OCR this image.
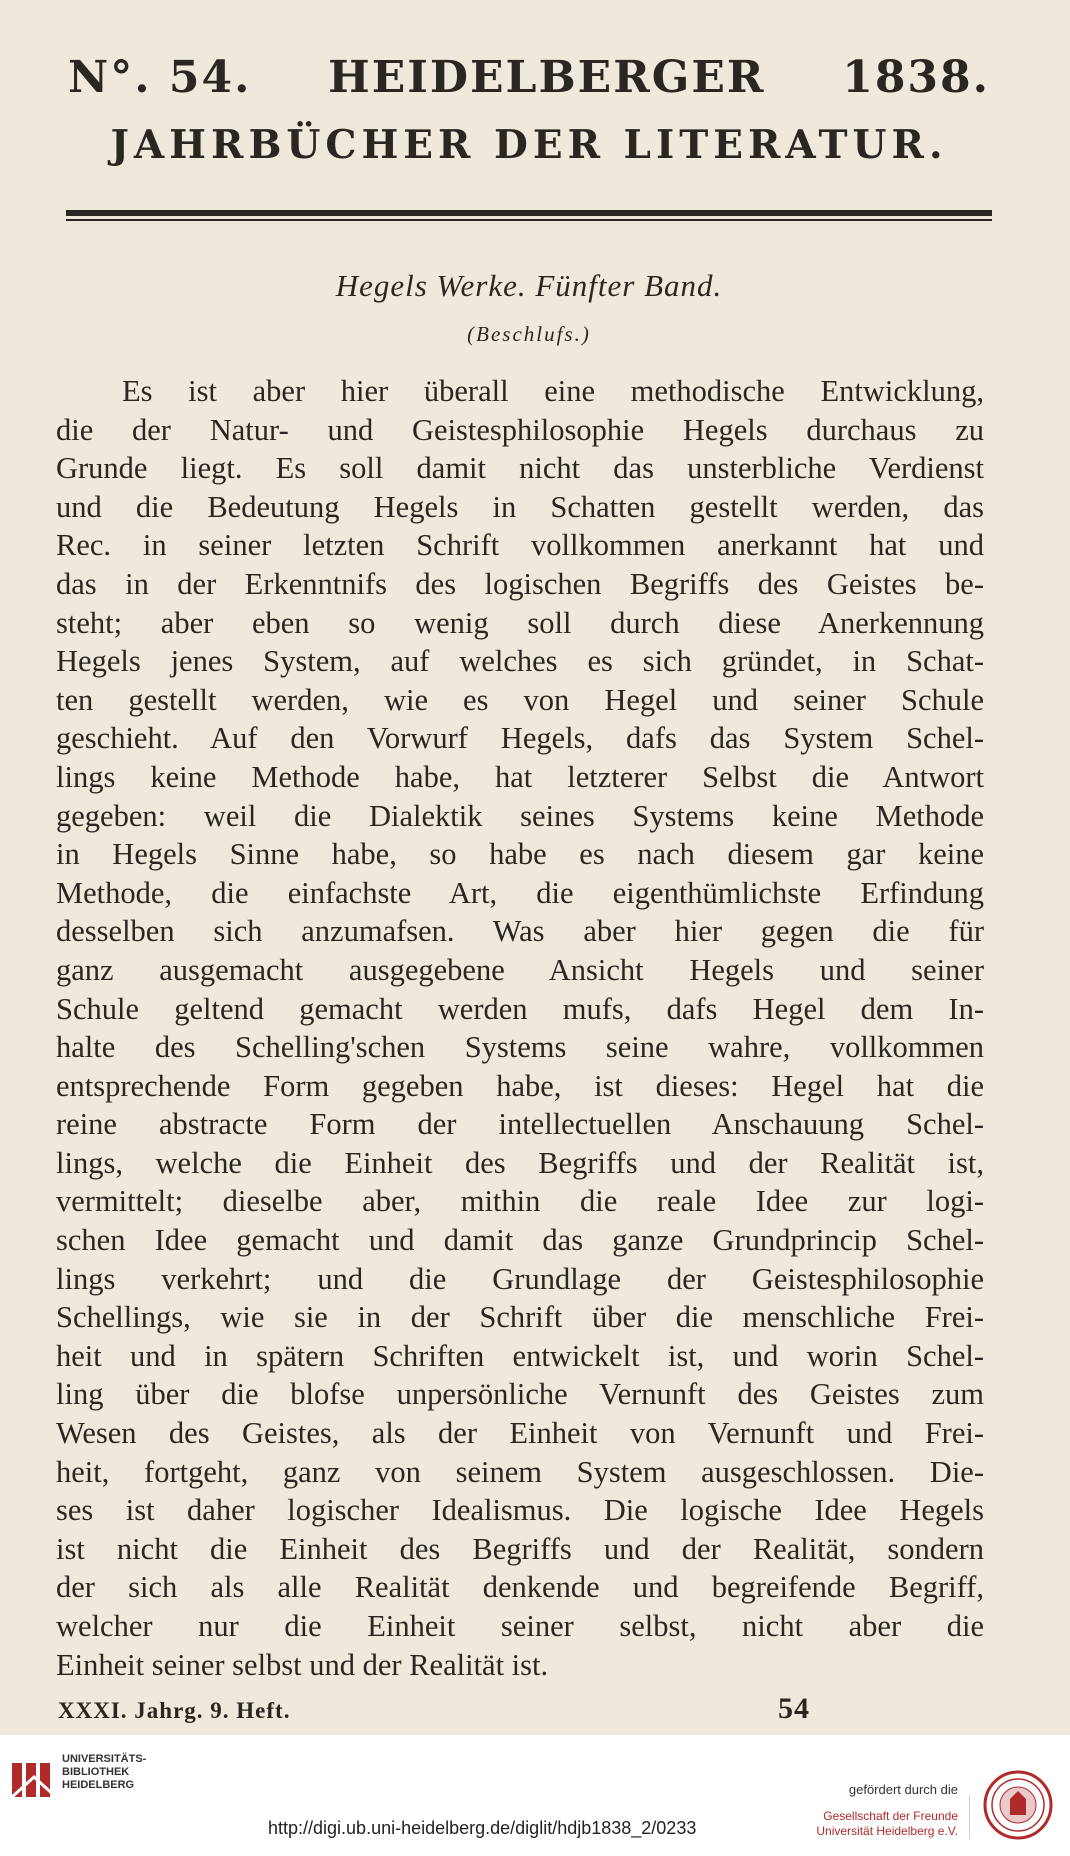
N°. 54. HEIDELBERGER 1838.
JAHRBÜCHER DER LITERATUR.
Hegels Werke. Fünfter Band.
(Beschlufs.)
Es ist aber hier überall eine methodische Entwicklung,
die der Natur- und Geistesphilosophie Hegels durchaus zu
Grunde liegt. Es soll damit nicht das unsterbliche Verdienst
und die Bedeutung Hegels in Schatten gestellt werden, das
Rec. in seiner letzten Schrift vollkommen anerkannt hat und
das in der Erkenntnifs des logischen Begriffs des Geistes be-
steht; aber eben so wenig soll durch diese Anerkennung
Hegels jenes System, auf welches es sich gründet, in Schat-
ten gestellt werden, wie es von Hegel und seiner Schule
geschieht. Auf den Vorwurf Hegels, dafs das System Schel-
lings keine Methode habe, hat letzterer Selbst die Antwort
gegeben: weil die Dialektik seines Systems keine Methode
in Hegels Sinne habe, so habe es nach diesem gar keine
Methode, die einfachste Art, die eigenthümlichste Erfindung
desselben sich anzumafsen. Was aber hier gegen die für
ganz ausgemacht ausgegebene Ansicht Hegels und seiner
Schule geltend gemacht werden mufs, dafs Hegel dem In-
halte des Schelling'schen Systems seine wahre, vollkommen
entsprechende Form gegeben habe, ist dieses: Hegel hat die
reine abstracte Form der intellectuellen Anschauung Schel-
lings, welche die Einheit des Begriffs und der Realität ist,
vermittelt; dieselbe aber, mithin die reale Idee zur logi-
schen Idee gemacht und damit das ganze Grundprincip Schel-
lings verkehrt; und die Grundlage der Geistesphilosophie
Schellings, wie sie in der Schrift über die menschliche Frei-
heit und in spätern Schriften entwickelt ist, und worin Schel-
ling über die blofse unpersönliche Vernunft des Geistes zum
Wesen des Geistes, als der Einheit von Vernunft und Frei-
heit, fortgeht, ganz von seinem System ausgeschlossen. Die-
ses ist daher logischer Idealismus. Die logische Idee Hegels
ist nicht die Einheit des Begriffs und der Realität, sondern
der sich als alle Realität denkende und begreifende Begriff,
welcher nur die Einheit seiner selbst, nicht aber die
Einheit seiner selbst und der Realität ist.
XXXI. Jahrg. 9. Heft.	54
UNIVERSITÄTS-
BIBLIOTHEK
HEIDELBERG
http://digi.ub.uni-heidelberg.de/diglit/hdjb1838_2/0233
gefördert durch die
Gesellschaft der Freunde
Universität Heidelberg e.V.
